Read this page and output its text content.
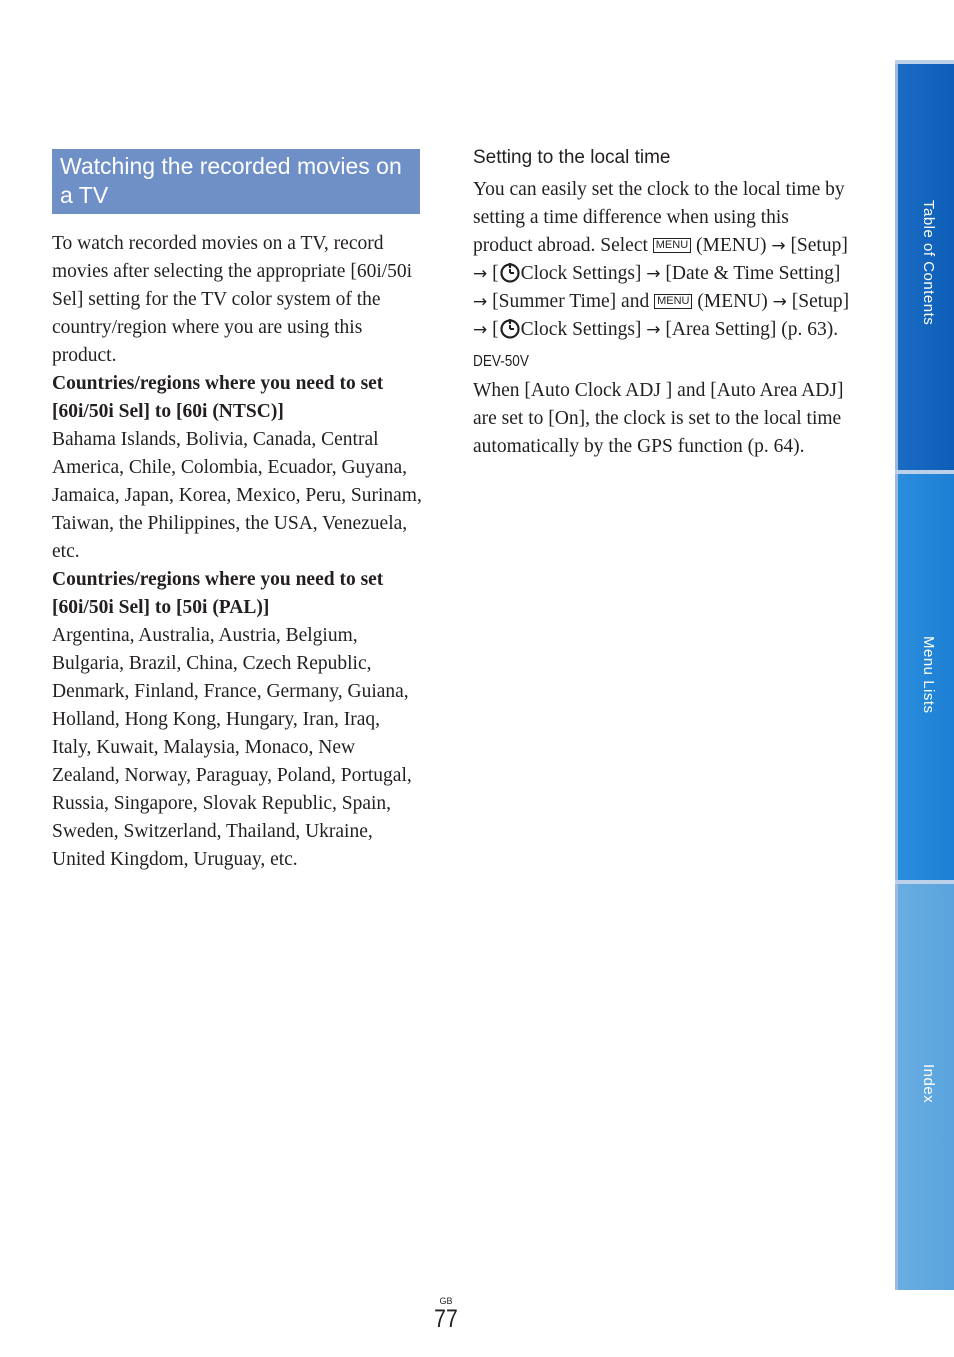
Watching the recorded movies on a TV

To watch recorded movies on a TV, record movies after selecting the appropriate [60i/50i Sel] setting for the TV color system of the country/region where you are using this product.

Countries/regions where you need to set [60i/50i Sel] to [60i (NTSC)]

Bahama Islands, Bolivia, Canada, Central America, Chile, Colombia, Ecuador, Guyana, Jamaica, Japan, Korea, Mexico, Peru, Surinam, Taiwan, the Philippines, the USA, Venezuela, etc.

Countries/regions where you need to set [60i/50i Sel] to [50i (PAL)]

Argentina, Australia, Austria, Belgium, Bulgaria, Brazil, China, Czech Republic, Denmark, Finland, France, Germany, Guiana, Holland, Hong Kong, Hungary, Iran, Iraq, Italy, Kuwait, Malaysia, Monaco, New Zealand, Norway, Paraguay, Poland, Portugal, Russia, Singapore, Slovak Republic, Spain, Sweden, Switzerland, Thailand, Ukraine, United Kingdom, Uruguay, etc.

Setting to the local time

You can easily set the clock to the local time by setting a time difference when using this product abroad. Select MENU (MENU) → [Setup] → [ Clock Settings] → [Date & Time Setting] → [Summer Time] and MENU (MENU) → [Setup] → [ Clock Settings] → [Area Setting] (p. 63).

DEV-50V

When [Auto Clock ADJ ] and [Auto Area ADJ] are set to [On], the clock is set to the local time automatically by the GPS function (p. 64).

Table of Contents
Menu Lists
Index
GB
77
